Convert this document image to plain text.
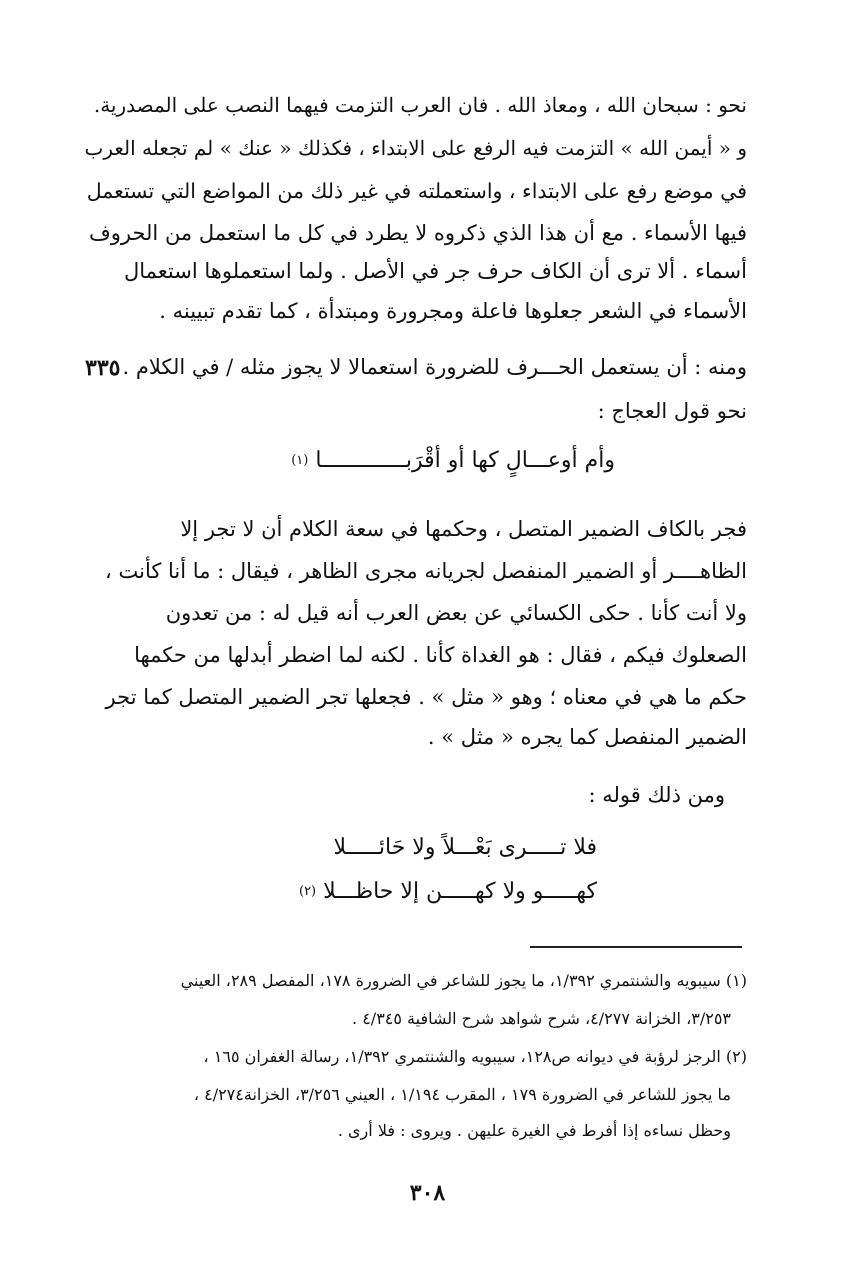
نحو : سبحان الله ، ومعاذ الله . فان العرب التزمت فيهما النصب على المصدرية.
و « أيمن الله » التزمت فيه الرفع على الابتداء ، فكذلك « عنك » لم تجعله العرب
في موضع رفع على الابتداء ، واستعملته في غير ذلك من المواضع التي تستعمل
فيها الأسماء . مع أن هذا الذي ذكروه لا يطرد في كل ما استعمل من الحروف
أسماء . ألا ترى أن الكاف حرف جر في الأصل . ولما استعملوها استعمال
الأسماء في الشعر جعلوها فاعلة ومجرورة ومبتدأة ، كما تقدم تبيينه .
٣٣٥ ومنه : أن يستعمل الحـــرف للضرورة استعمالا لا يجوز مثله / في الكلام .
نحو قول العجاج :
وأم أوعـــالٍ كها أو أقْرَبـــــــــــــا $^{(١)}$
فجر بالكاف الضمير المتصل ، وحكمها في سعة الكلام أن لا تجر إلا
الظاهــــر أو الضمير المنفصل لجريانه مجرى الظاهر ، فيقال : ما أنا كأنت ،
ولا أنت كأنا . حكى الكسائي عن بعض العرب أنه قيل له : من تعدون
الصعلوك فيكم ، فقال : هو الغداة كأنا . لكنه لما اضطر أبدلها من حكمها
حكم ما هي في معناه ؛ وهو « مثل » . فجعلها تجر الضمير المتصل كما تجر
الضمير المنفصل كما يجره « مثل » .
ومن ذلك قوله :
فلا تـــــرى بَعْـــلاً ولا حَائـــــلا
كهـــــو ولا كهـــــن إلا حاظـــلا $^{(٢)}$
(١) سيبويه والشنتمري ١/٣٩٢، ما يجوز للشاعر في الضرورة ١٧٨، المفصل ٢٨٩، العيني
٣/٢٥٣، الخزانة ٤/٢٧٧، شرح شواهد شرح الشافية ٤/٣٤٥ .
(٢) الرجز لرؤبة في ديوانه ص١٢٨، سيبويه والشنتمري ١/٣٩٢، رسالة الغفران ١٦٥ ،
ما يجوز للشاعر في الضرورة ١٧٩ ، المقرب ١/١٩٤ ، العيني ٣/٢٥٦، الخزانة٤/٢٧٤ ،
وحظل نساءه إذا أفرط في الغيرة عليهن . ويروى : فلا أرى .
٣٠٨
